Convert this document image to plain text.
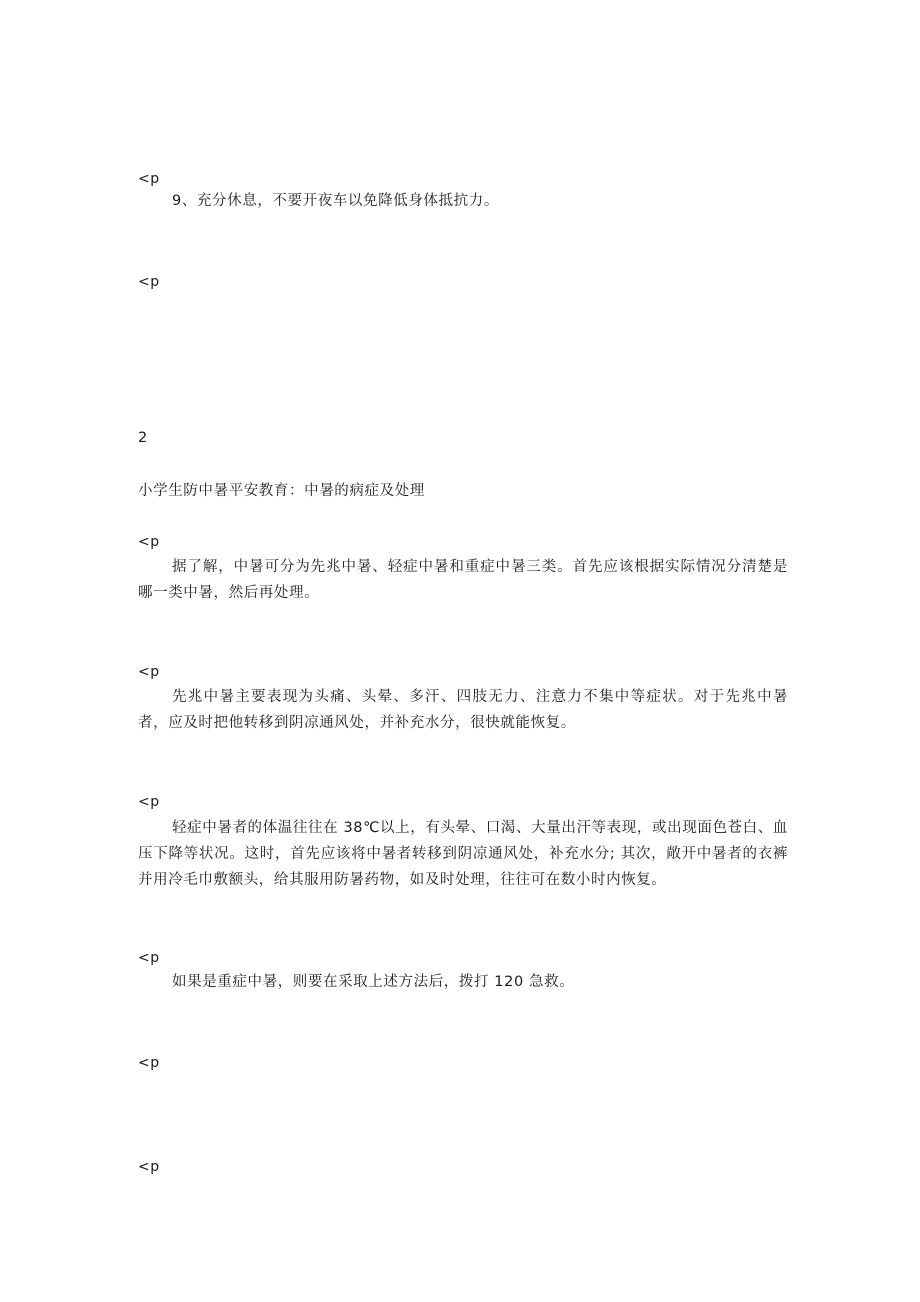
<p
9、充分休息，不要开夜车以免降低身体抵抗力。
<p
2
小学生防中暑平安教育：中暑的病症及处理
<p
据了解，中暑可分为先兆中暑、轻症中暑和重症中暑三类。首先应该根据实际情况分清楚是哪一类中暑，然后再处理。
<p
先兆中暑主要表现为头痛、头晕、多汗、四肢无力、注意力不集中等症状。对于先兆中暑者，应及时把他转移到阴凉通风处，并补充水分，很快就能恢复。
<p
轻症中暑者的体温往往在 38℃以上，有头晕、口渴、大量出汗等表现，或出现面色苍白、血压下降等状况。这时，首先应该将中暑者转移到阴凉通风处，补充水分; 其次，敞开中暑者的衣裤并用冷毛巾敷额头，给其服用防暑药物，如及时处理，往往可在数小时内恢复。
<p
如果是重症中暑，则要在采取上述方法后，拨打 120 急救。
<p
<p
